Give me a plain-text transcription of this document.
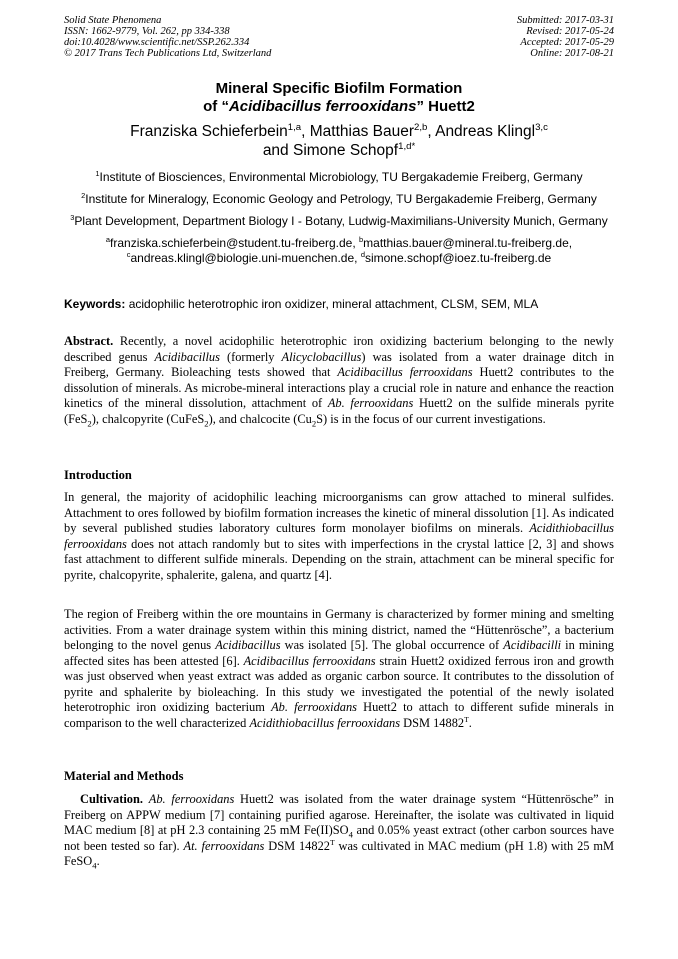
Solid State Phenomena
ISSN: 1662-9779, Vol. 262, pp 334-338
doi:10.4028/www.scientific.net/SSP.262.334
© 2017 Trans Tech Publications Ltd, Switzerland
Submitted: 2017-03-31
Revised: 2017-05-24
Accepted: 2017-05-29
Online: 2017-08-21
Mineral Specific Biofilm Formation
of “Acidibacillus ferrooxidans” Huett2
Franziska Schieferbein$^{1,a}$, Matthias Bauer$^{2,b}$, Andreas Klingl$^{3,c}$
and Simone Schopf$^{1,d*}$
$^1$Institute of Biosciences, Environmental Microbiology, TU Bergakademie Freiberg, Germany
$^2$Institute for Mineralogy, Economic Geology and Petrology, TU Bergakademie Freiberg, Germany
$^3$Plant Development, Department Biology I - Botany, Ludwig-Maximilians-University Munich, Germany
$^a$franziska.schieferbein@student.tu-freiberg.de, $^b$matthias.bauer@mineral.tu-freiberg.de,
$^c$andreas.klingl@biologie.uni-muenchen.de, $^d$simone.schopf@ioez.tu-freiberg.de
Keywords: acidophilic heterotrophic iron oxidizer, mineral attachment, CLSM, SEM, MLA

Abstract. Recently, a novel acidophilic heterotrophic iron oxidizing bacterium belonging to the newly described genus Acidibacillus (formerly Alicyclobacillus) was isolated from a water drainage ditch in Freiberg, Germany. Bioleaching tests showed that Acidibacillus ferrooxidans Huett2 contributes to the dissolution of minerals. As microbe-mineral interactions play a crucial role in nature and enhance the reaction kinetics of the mineral dissolution, attachment of Ab. ferrooxidans Huett2 on the sulfide minerals pyrite (FeS$_2$), chalcopyrite (CuFeS$_2$), and chalcocite $(Cu_2S)$ is in the focus of our current investigations.

Introduction

In general, the majority of acidophilic leaching microorganisms can grow attached to mineral sulfides. Attachment to ores followed by biofilm formation increases the kinetic of mineral dissolution [1]. As indicated by several published studies laboratory cultures form monolayer biofilms on minerals. Acidithiobacillus ferrooxidans does not attach randomly but to sites with imperfections in the crystal lattice [2, 3] and shows fast attachment to different sulfide minerals. Depending on the strain, attachment can be mineral specific for pyrite, chalcopyrite, sphalerite, galena, and quartz [4].

The region of Freiberg within the ore mountains in Germany is characterized by former mining and smelting activities. From a water drainage system within this mining district, named the “Hüttenrösche”, a bacterium belonging to the novel genus Acidibacillus was isolated [5]. The global occurrence of Acidibacilli in mining affected sites has been attested [6]. Acidibacillus ferrooxidans strain Huett2 oxidized ferrous iron and growth was just observed when yeast extract was added as organic carbon source. It contributes to the dissolution of pyrite and sphalerite by bioleaching. In this study we investigated the potential of the newly isolated heterotrophic iron oxidizing bacterium Ab. ferrooxidans Huett2 to attach to different sufide minerals in comparison to the well characterized Acidithiobacillus ferrooxidans DSM $14882^T$.

Material and Methods

Cultivation. Ab. ferrooxidans Huett2 was isolated from the water drainage system “Hüttenrösche” in Freiberg on APPW medium [7] containing purified agarose. Hereinafter, the isolate was cultivated in liquid MAC medium [8] at pH 2.3 containing 25 mM $Fe(II)SO_4$ and 0.05% yeast extract (other carbon sources have not been tested so far). At. ferrooxidans DSM $14822^T$ was cultivated in MAC medium (pH 1.8) with 25 mM FeSO$_4$.
